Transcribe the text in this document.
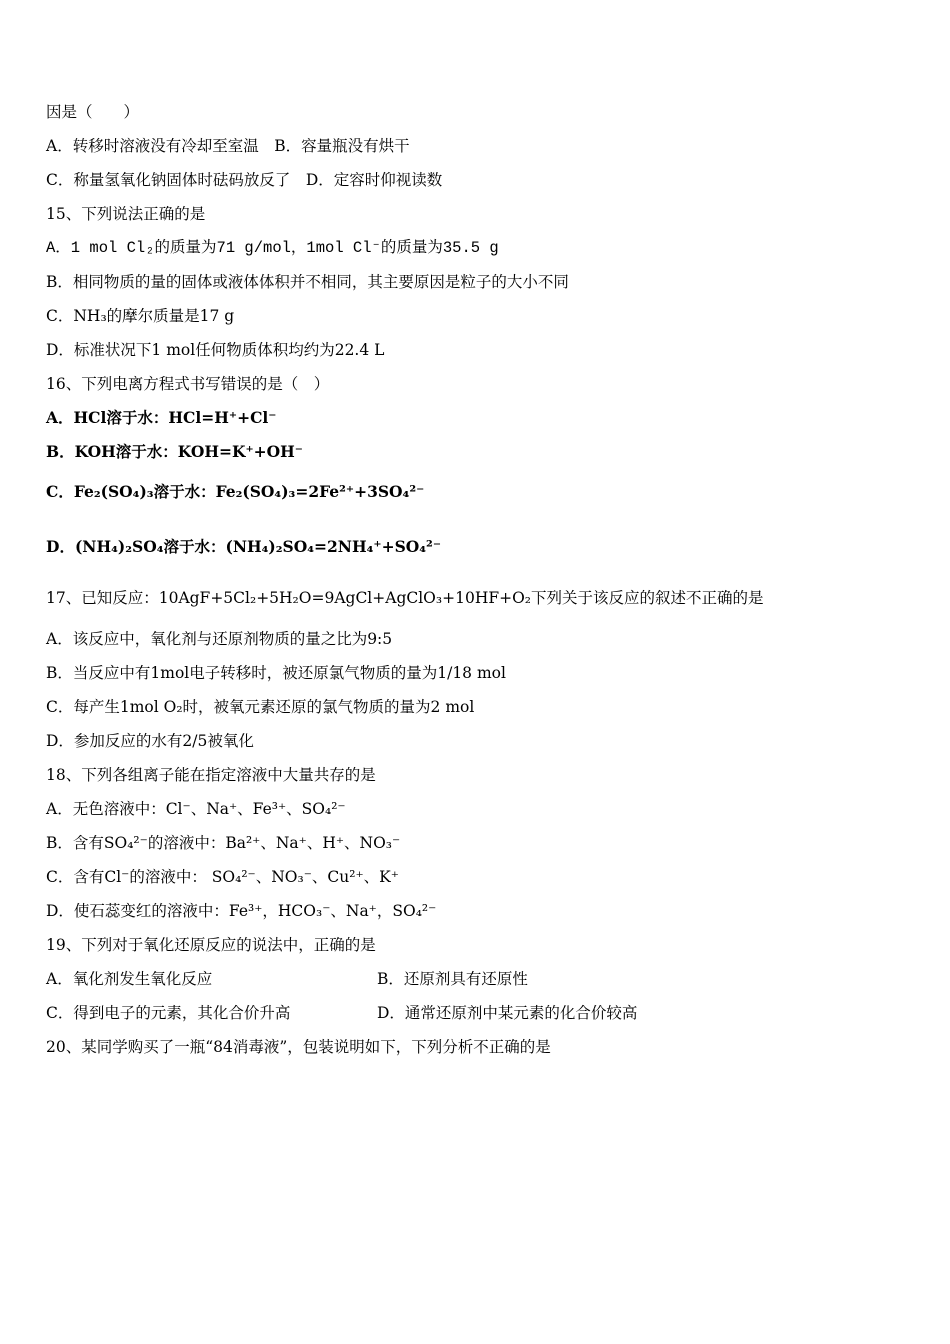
因是（　　）
A．转移时溶液没有冷却至室温　B．容量瓶没有烘干
C．称量氢氧化钠固体时砝码放反了　D．定容时仰视读数
15、下列说法正确的是
A．1 mol Cl₂的质量为71 g/mol，1mol Cl⁻的质量为35.5 g
B．相同物质的量的固体或液体体积并不相同，其主要原因是粒子的大小不同
C．NH₃的摩尔质量是17 g
D．标准状况下1 mol任何物质体积均约为22.4 L
16、下列电离方程式书写错误的是（　）
A．HCl溶于水：HCl=H⁺+Cl⁻
B．KOH溶于水：KOH=K⁺+OH⁻
C．Fe₂(SO₄)₃溶于水：Fe₂(SO₄)₃=2Fe²⁺+3SO₄²⁻
D．(NH₄)₂SO₄溶于水：(NH₄)₂SO₄=2NH₄⁺+SO₄²⁻
17、已知反应：10AgF+5Cl₂+5H₂O=9AgCl+AgClO₃+10HF+O₂下列关于该反应的叙述不正确的是
A．该反应中，氧化剂与还原剂物质的量之比为9:5
B．当反应中有1mol电子转移时，被还原氯气物质的量为1/18 mol
C．每产生1mol O₂时，被氧元素还原的氯气物质的量为2 mol
D．参加反应的水有2/5被氧化
18、下列各组离子能在指定溶液中大量共存的是
A．无色溶液中：Cl⁻、Na⁺、Fe³⁺、SO₄²⁻
B．含有SO₄²⁻的溶液中：Ba²⁺、Na⁺、H⁺、NO₃⁻
C．含有Cl⁻的溶液中： SO₄²⁻、NO₃⁻、Cu²⁺、K⁺
D．使石蕊变红的溶液中：Fe³⁺，HCO₃⁻、Na⁺，SO₄²⁻
19、下列对于氧化还原反应的说法中，正确的是
A．氧化剂发生氧化反应	B．还原剂具有还原性
C．得到电子的元素，其化合价升高	D．通常还原剂中某元素的化合价较高
20、某同学购买了一瓶“84消毒液”，包装说明如下，下列分析不正确的是
